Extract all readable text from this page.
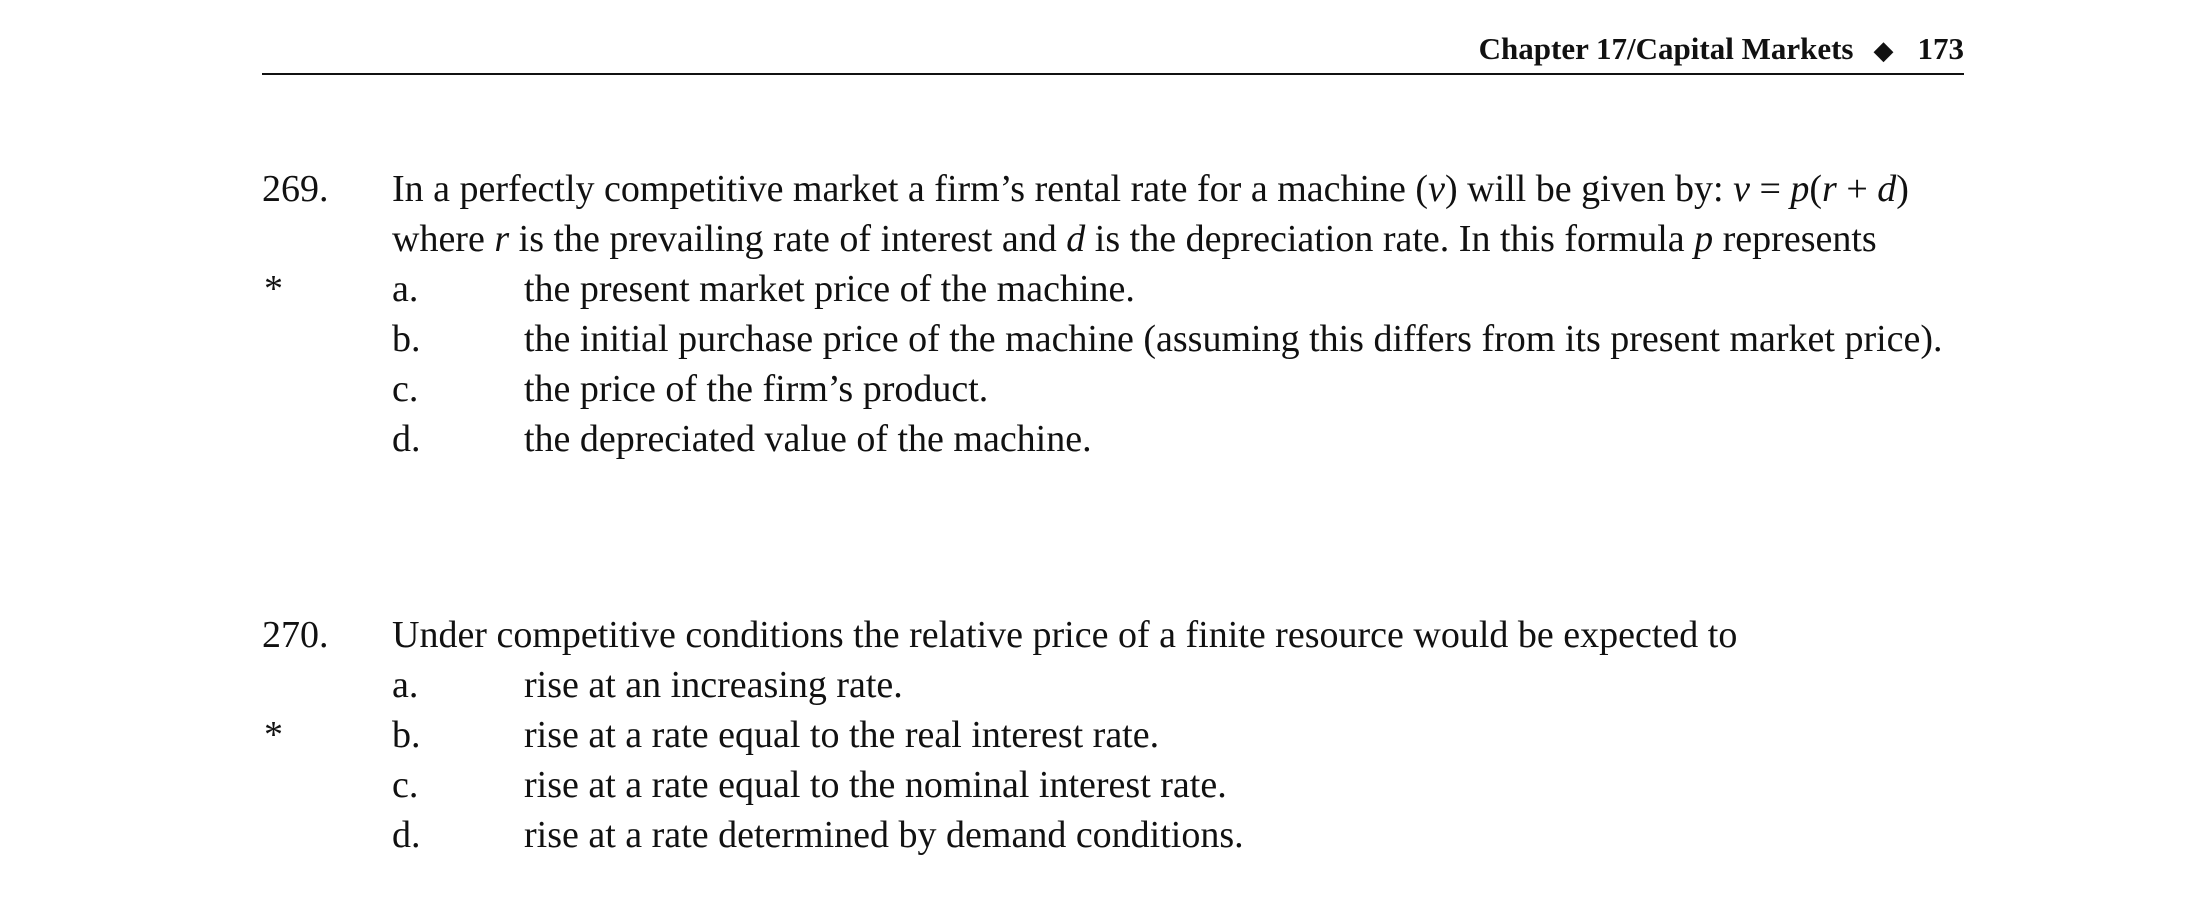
Chapter 17/Capital Markets ◆ 173
269. In a perfectly competitive market a firm’s rental rate for a machine (v) will be given by: v = p(r + d) where r is the prevailing rate of interest and d is the depreciation rate. In this formula p represents
*	a.	the present market price of the machine.
b.	the initial purchase price of the machine (assuming this differs from its present market price).
c.	the price of the firm’s product.
d.	the depreciated value of the machine.
270. Under competitive conditions the relative price of a finite resource would be expected to
a.	rise at an increasing rate.
*	b.	rise at a rate equal to the real interest rate.
c.	rise at a rate equal to the nominal interest rate.
d.	rise at a rate determined by demand conditions.
